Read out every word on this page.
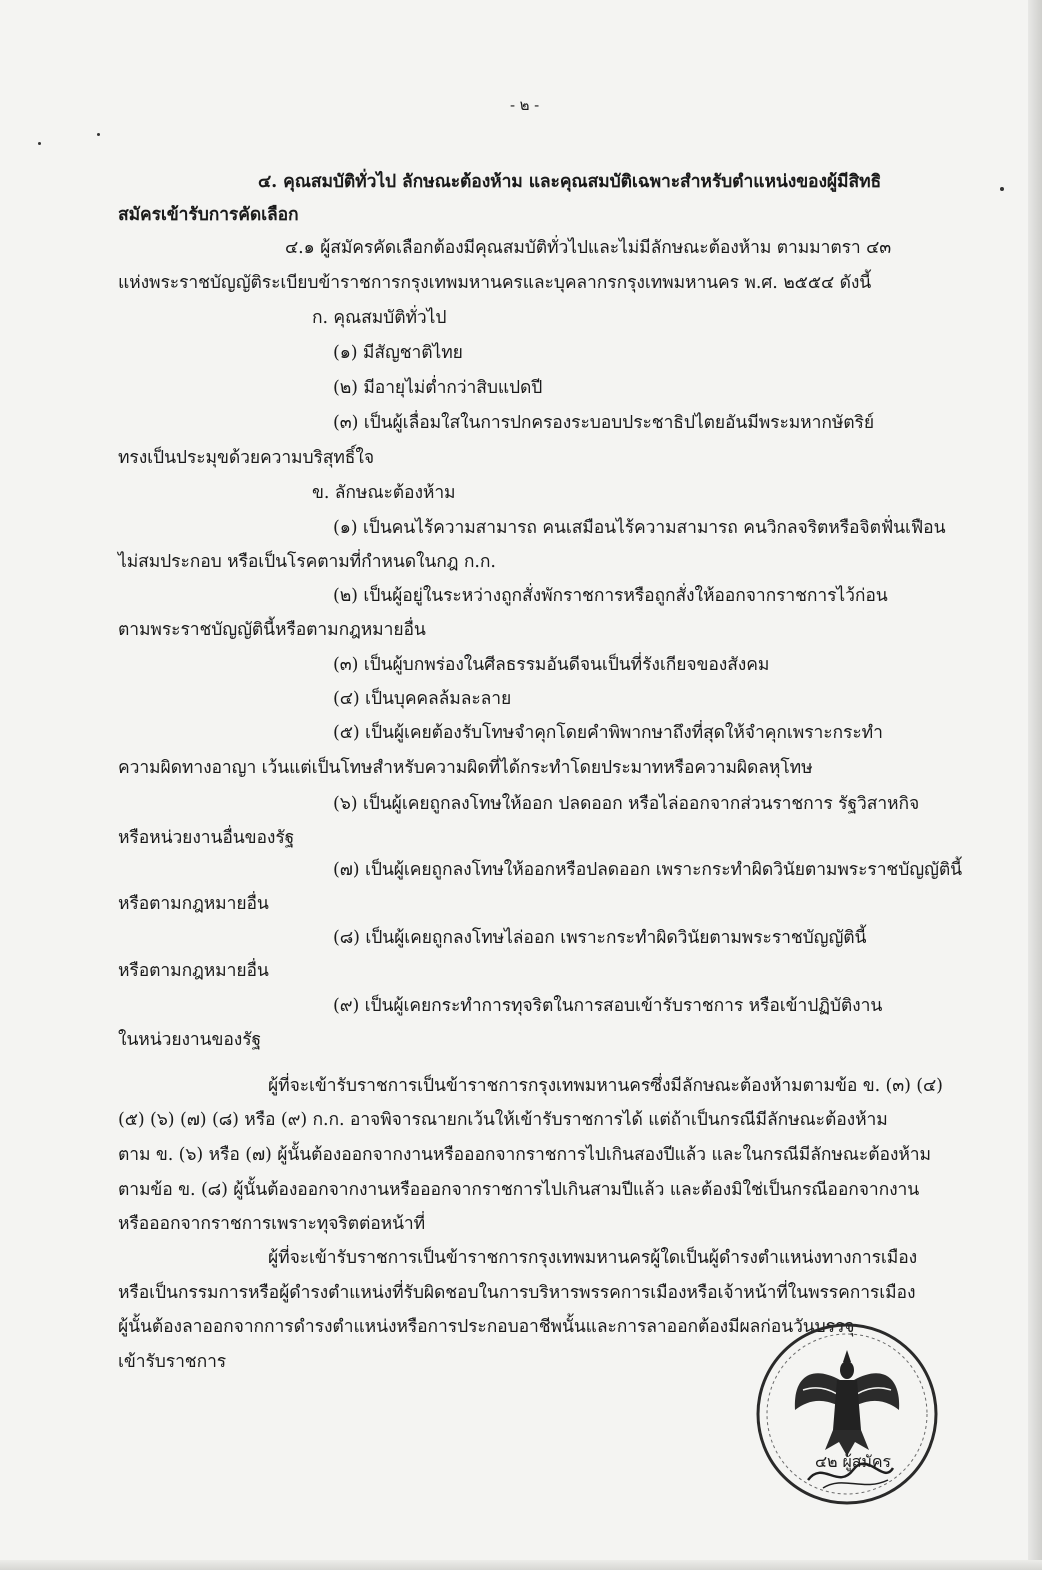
- ๒ -
๔. คุณสมบัติทั่วไป ลักษณะต้องห้าม และคุณสมบัติเฉพาะสำหรับตำแหน่งของผู้มีสิทธิ
สมัครเข้ารับการคัดเลือก
๔.๑ ผู้สมัครคัดเลือกต้องมีคุณสมบัติทั่วไปและไม่มีลักษณะต้องห้าม ตามมาตรา ๔๓
แห่งพระราชบัญญัติระเบียบข้าราชการกรุงเทพมหานครและบุคลากรกรุงเทพมหานคร พ.ศ. ๒๕๕๔ ดังนี้
ก. คุณสมบัติทั่วไป
(๑) มีสัญชาติไทย
(๒) มีอายุไม่ต่ำกว่าสิบแปดปี
(๓) เป็นผู้เลื่อมใสในการปกครองระบอบประชาธิปไตยอันมีพระมหากษัตริย์
ทรงเป็นประมุขด้วยความบริสุทธิ์ใจ
ข. ลักษณะต้องห้าม
(๑) เป็นคนไร้ความสามารถ คนเสมือนไร้ความสามารถ คนวิกลจริตหรือจิตฟั่นเฟือน
ไม่สมประกอบ หรือเป็นโรคตามที่กำหนดในกฎ ก.ก.
(๒) เป็นผู้อยู่ในระหว่างถูกสั่งพักราชการหรือถูกสั่งให้ออกจากราชการไว้ก่อน
ตามพระราชบัญญัตินี้หรือตามกฎหมายอื่น
(๓) เป็นผู้บกพร่องในศีลธรรมอันดีจนเป็นที่รังเกียจของสังคม
(๔) เป็นบุคคลล้มละลาย
(๕) เป็นผู้เคยต้องรับโทษจำคุกโดยคำพิพากษาถึงที่สุดให้จำคุกเพราะกระทำ
ความผิดทางอาญา เว้นแต่เป็นโทษสำหรับความผิดที่ได้กระทำโดยประมาทหรือความผิดลหุโทษ
(๖) เป็นผู้เคยถูกลงโทษให้ออก ปลดออก หรือไล่ออกจากส่วนราชการ รัฐวิสาหกิจ
หรือหน่วยงานอื่นของรัฐ
(๗) เป็นผู้เคยถูกลงโทษให้ออกหรือปลดออก เพราะกระทำผิดวินัยตามพระราชบัญญัตินี้
หรือตามกฎหมายอื่น
(๘) เป็นผู้เคยถูกลงโทษไล่ออก เพราะกระทำผิดวินัยตามพระราชบัญญัตินี้
หรือตามกฎหมายอื่น
(๙) เป็นผู้เคยกระทำการทุจริตในการสอบเข้ารับราชการ หรือเข้าปฏิบัติงาน
ในหน่วยงานของรัฐ
ผู้ที่จะเข้ารับราชการเป็นข้าราชการกรุงเทพมหานครซึ่งมีลักษณะต้องห้ามตามข้อ ข. (๓) (๔)
(๕) (๖) (๗) (๘) หรือ (๙) ก.ก. อาจพิจารณายกเว้นให้เข้ารับราชการได้ แต่ถ้าเป็นกรณีมีลักษณะต้องห้าม
ตาม ข. (๖) หรือ (๗) ผู้นั้นต้องออกจากงานหรือออกจากราชการไปเกินสองปีแล้ว และในกรณีมีลักษณะต้องห้าม
ตามข้อ ข. (๘) ผู้นั้นต้องออกจากงานหรือออกจากราชการไปเกินสามปีแล้ว และต้องมิใช่เป็นกรณีออกจากงาน
หรือออกจากราชการเพราะทุจริตต่อหน้าที่
ผู้ที่จะเข้ารับราชการเป็นข้าราชการกรุงเทพมหานครผู้ใดเป็นผู้ดำรงตำแหน่งทางการเมือง
หรือเป็นกรรมการหรือผู้ดำรงตำแหน่งที่รับผิดชอบในการบริหารพรรคการเมืองหรือเจ้าหน้าที่ในพรรคการเมือง
ผู้นั้นต้องลาออกจากการดำรงตำแหน่งหรือการประกอบอาชีพนั้นและการลาออกต้องมีผลก่อนวันบรรจุ
เข้ารับราชการ
๔๒ ผู้สมัคร
